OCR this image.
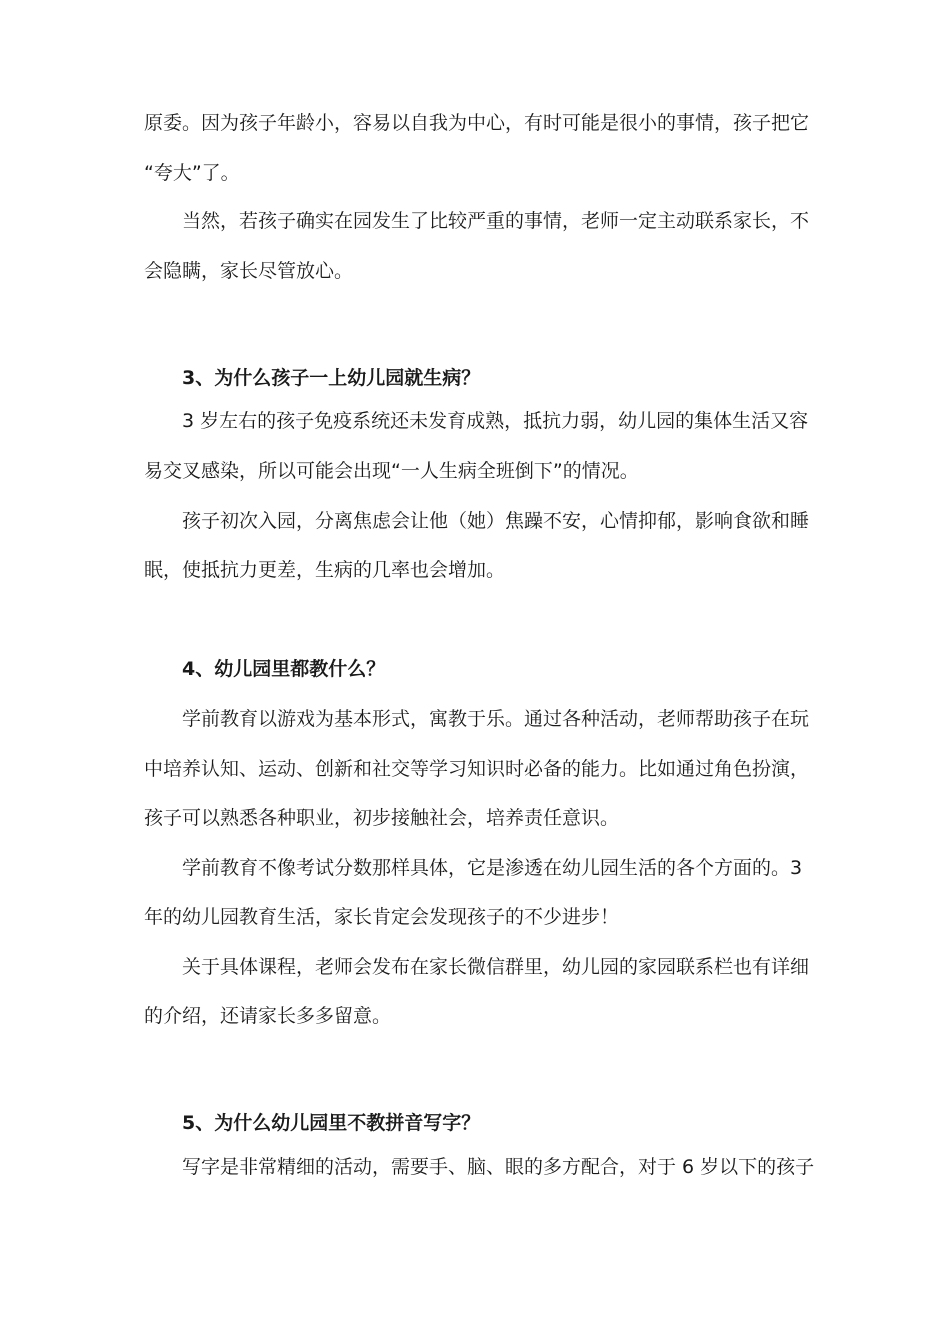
原委。因为孩子年龄小，容易以自我为中心，有时可能是很小的事情，孩子把它
“夸大”了。
当然，若孩子确实在园发生了比较严重的事情，老师一定主动联系家长，不
会隐瞒，家长尽管放心。
3、为什么孩子一上幼儿园就生病？
3 岁左右的孩子免疫系统还未发育成熟，抵抗力弱，幼儿园的集体生活又容
易交叉感染，所以可能会出现“一人生病全班倒下”的情况。
孩子初次入园，分离焦虑会让他（她）焦躁不安，心情抑郁，影响食欲和睡
眠，使抵抗力更差，生病的几率也会增加。
4、幼儿园里都教什么？
学前教育以游戏为基本形式，寓教于乐。通过各种活动，老师帮助孩子在玩
中培养认知、运动、创新和社交等学习知识时必备的能力。比如通过角色扮演，
孩子可以熟悉各种职业，初步接触社会，培养责任意识。
学前教育不像考试分数那样具体，它是渗透在幼儿园生活的各个方面的。3
年的幼儿园教育生活，家长肯定会发现孩子的不少进步！
关于具体课程，老师会发布在家长微信群里，幼儿园的家园联系栏也有详细
的介绍，还请家长多多留意。
5、为什么幼儿园里不教拼音写字？
写字是非常精细的活动，需要手、脑、眼的多方配合，对于 6 岁以下的孩子
